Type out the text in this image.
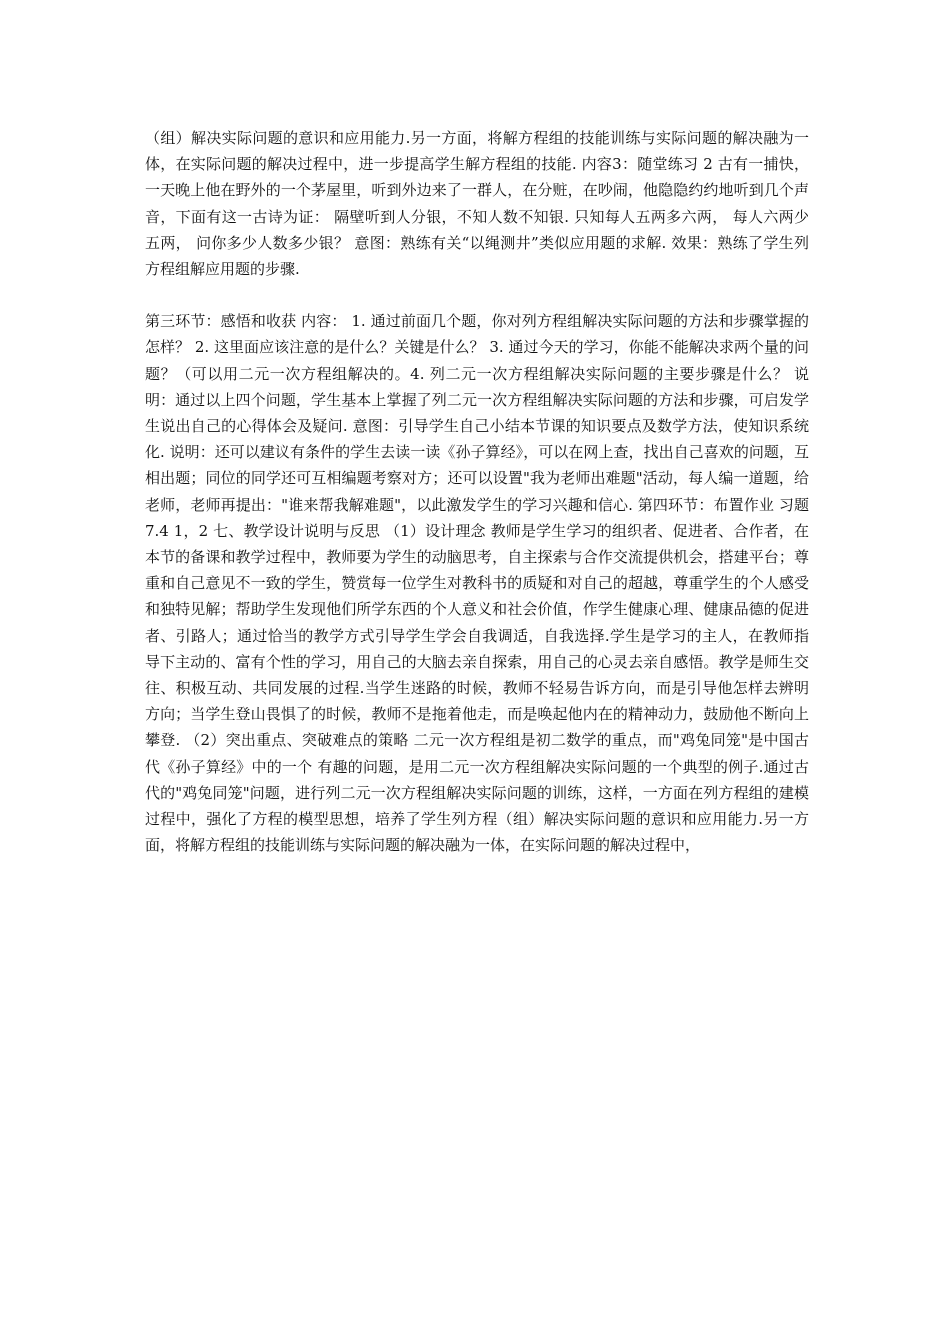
（组）解决实际问题的意识和应用能力.另一方面，将解方程组的技能训练与实际问题的解决融为一体，在实际问题的解决过程中，进一步提高学生解方程组的技能. 内容3：随堂练习 2 古有一捕快，一天晚上他在野外的一个茅屋里，听到外边来了一群人，在分赃，在吵闹，他隐隐约约地听到几个声音，下面有这一古诗为证： 隔壁听到人分银，不知人数不知银. 只知每人五两多六两， 每人六两少五两， 问你多少人数多少银？ 意图：熟练有关“以绳测井”类似应用题的求解. 效果：熟练了学生列方程组解应用题的步骤.

第三环节：感悟和收获 内容： 1. 通过前面几个题，你对列方程组解决实际问题的方法和步骤掌握的怎样？ 2. 这里面应该注意的是什么？关键是什么？ 3. 通过今天的学习，你能不能解决求两个量的问题？（可以用二元一次方程组解决的。4. 列二元一次方程组解决实际问题的主要步骤是什么？ 说明：通过以上四个问题，学生基本上掌握了列二元一次方程组解决实际问题的方法和步骤，可启发学生说出自己的心得体会及疑问. 意图：引导学生自己小结本节课的知识要点及数学方法，使知识系统化. 说明：还可以建议有条件的学生去读一读《孙子算经》，可以在网上查，找出自己喜欢的问题，互相出题；同位的同学还可互相编题考察对方；还可以设置"我为老师出难题"活动，每人编一道题，给老师，老师再提出："谁来帮我解难题"，以此激发学生的学习兴趣和信心. 第四环节：布置作业 习题7.4 1，2 七、教学设计说明与反思 （1）设计理念 教师是学生学习的组织者、促进者、合作者，在本节的备课和教学过程中，教师要为学生的动脑思考，自主探索与合作交流提供机会，搭建平台；尊重和自己意见不一致的学生，赞赏每一位学生对教科书的质疑和对自己的超越，尊重学生的个人感受和独特见解；帮助学生发现他们所学东西的个人意义和社会价值，作学生健康心理、健康品德的促进者、引路人；通过恰当的教学方式引导学生学会自我调适，自我选择.学生是学习的主人，在教师指导下主动的、富有个性的学习，用自己的大脑去亲自探索，用自己的心灵去亲自感悟。教学是师生交往、积极互动、共同发展的过程.当学生迷路的时候，教师不轻易告诉方向，而是引导他怎样去辨明方向；当学生登山畏惧了的时候，教师不是拖着他走，而是唤起他内在的精神动力，鼓励他不断向上攀登. （2）突出重点、突破难点的策略 二元一次方程组是初二数学的重点，而"鸡兔同笼"是中国古代《孙子算经》中的一个 有趣的问题，是用二元一次方程组解决实际问题的一个典型的例子.通过古代的"鸡兔同笼"问题，进行列二元一次方程组解决实际问题的训练，这样，一方面在列方程组的建模过程中，强化了方程的模型思想，培养了学生列方程（组）解决实际问题的意识和应用能力.另一方面，将解方程组的技能训练与实际问题的解决融为一体，在实际问题的解决过程中，
